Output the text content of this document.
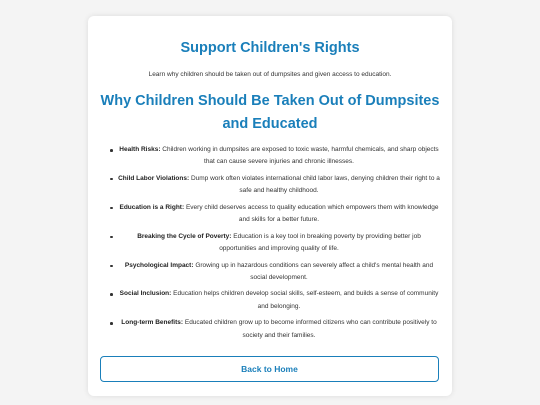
Support Children's Rights

Learn why children should be taken out of dumpsites and given access to education.

Why Children Should Be Taken Out of Dumpsites and Educated
Health Risks: Children working in dumpsites are exposed to toxic waste, harmful chemicals, and sharp objects that can cause severe injuries and chronic illnesses.
Child Labor Violations: Dump work often violates international child labor laws, denying children their right to a safe and healthy childhood.
Education is a Right: Every child deserves access to quality education which empowers them with knowledge and skills for a better future.
Breaking the Cycle of Poverty: Education is a key tool in breaking poverty by providing better job opportunities and improving quality of life.
Psychological Impact: Growing up in hazardous conditions can severely affect a child's mental health and social development.
Social Inclusion: Education helps children develop social skills, self-esteem, and builds a sense of community and belonging.
Long-term Benefits: Educated children grow up to become informed citizens who can contribute positively to society and their families.
Back to Home
